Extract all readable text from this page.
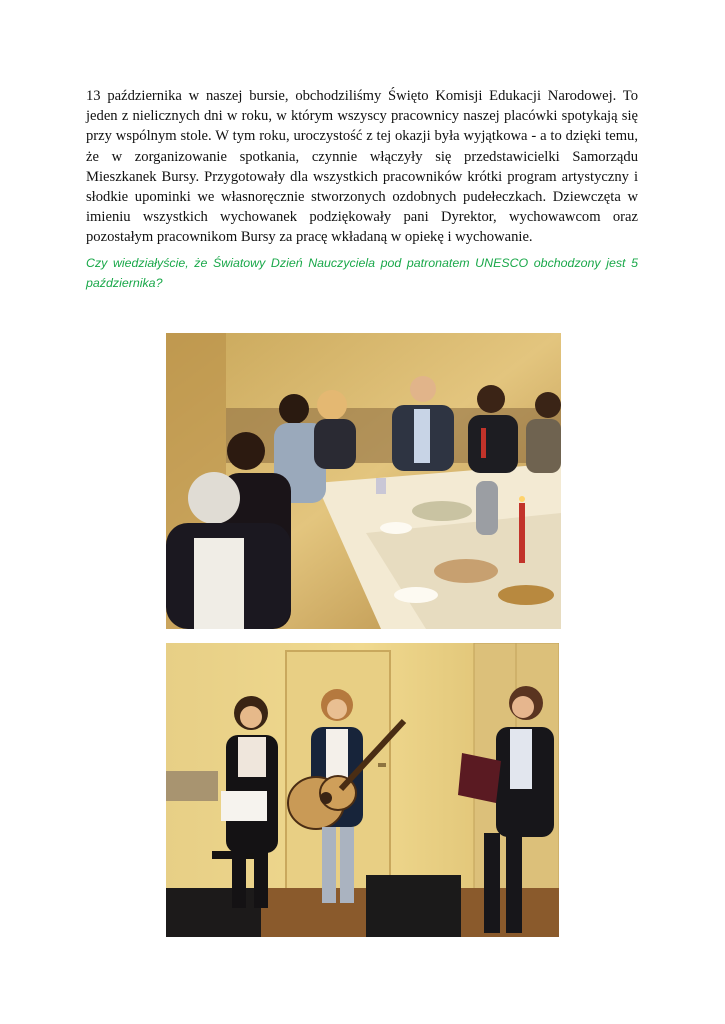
13 października w naszej bursie, obchodziliśmy Święto Komisji Edukacji Narodowej. To jeden z nielicznych dni w roku, w którym wszyscy pracownicy naszej placówki spotykają się przy wspólnym stole. W tym roku, uroczystość z tej okazji była wyjątkowa - a to dzięki temu, że w zorganizowanie spotkania, czynnie włączyły się przedstawicielki Samorządu Mieszkanek Bursy. Przygotowały dla wszystkich pracowników krótki program artystyczny i słodkie upominki we własnoręcznie stworzonych ozdobnych pudełeczkach. Dziewczęta w imieniu wszystkich wychowanek podziękowały pani Dyrektor, wychowawcom oraz pozostałym pracownikom Bursy za pracę wkładaną w opiekę i wychowanie.

Czy wiedziałyście, że Światowy Dzień Nauczyciela pod patronatem UNESCO obchodzony jest 5 października?
